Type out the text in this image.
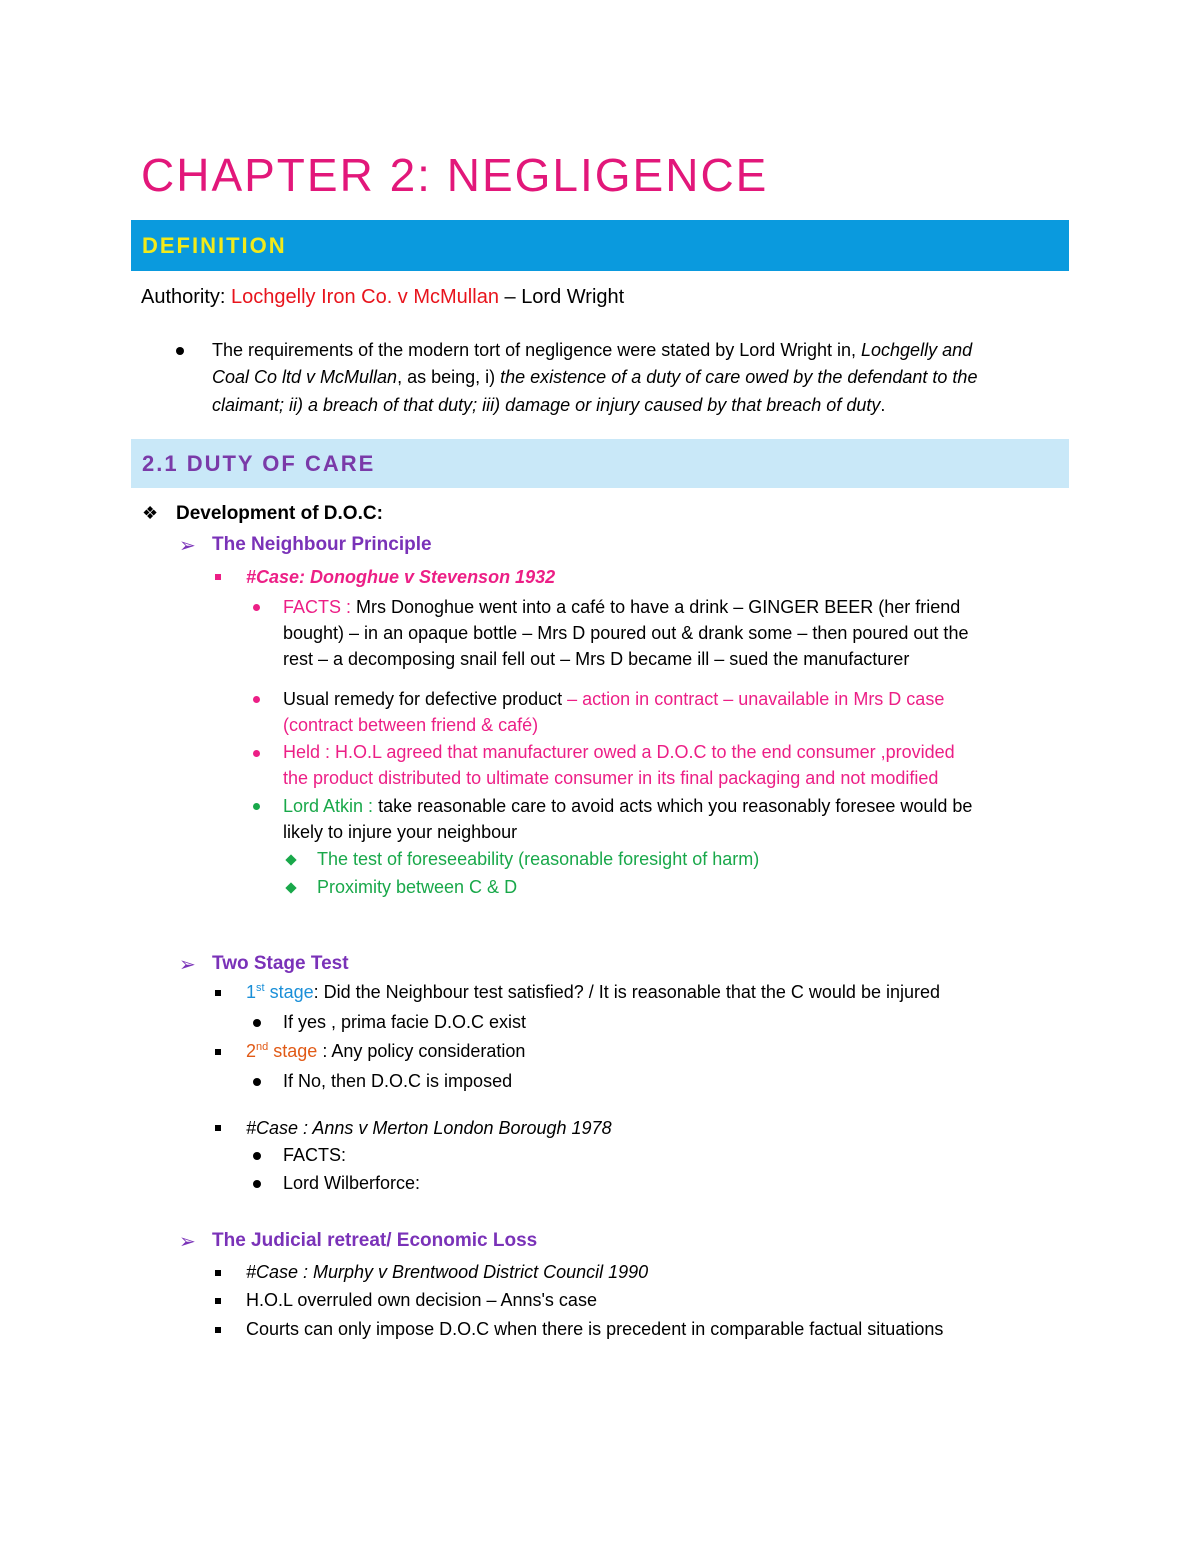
CHAPTER 2: NEGLIGENCE
DEFINITION
Authority: Lochgelly Iron Co. v McMullan – Lord Wright
The requirements of the modern tort of negligence were stated by Lord Wright in, Lochgelly and
Coal Co ltd v McMullan, as being, i) the existence of a duty of care owed by the defendant to the
claimant; ii) a breach of that duty; iii) damage or injury caused by that breach of duty.
2.1 DUTY OF CARE
❖ Development of D.O.C:
➢ The Neighbour Principle
#Case: Donoghue v Stevenson 1932
FACTS : Mrs Donoghue went into a café to have a drink – GINGER BEER (her friend
bought) – in an opaque bottle – Mrs D poured out & drank some – then poured out the
rest – a decomposing snail fell out – Mrs D became ill – sued the manufacturer
Usual remedy for defective product – action in contract – unavailable in Mrs D case
(contract between friend & café)
Held : H.O.L agreed that manufacturer owed a D.O.C to the end consumer ,provided
the product distributed to ultimate consumer in its final packaging and not modified
Lord Atkin : take reasonable care to avoid acts which you reasonably foresee would be
likely to injure your neighbour
The test of foreseeability (reasonable foresight of harm)
Proximity between C & D
➢ Two Stage Test
1st stage: Did the Neighbour test satisfied? / It is reasonable that the C would be injured
If yes , prima facie D.O.C exist
2nd stage : Any policy consideration
If No, then D.O.C is imposed
#Case : Anns v Merton London Borough 1978
FACTS:
Lord Wilberforce:
➢ The Judicial retreat/ Economic Loss
#Case : Murphy v Brentwood District Council 1990
H.O.L overruled own decision – Anns's case
Courts can only impose D.O.C when there is precedent in comparable factual situations
